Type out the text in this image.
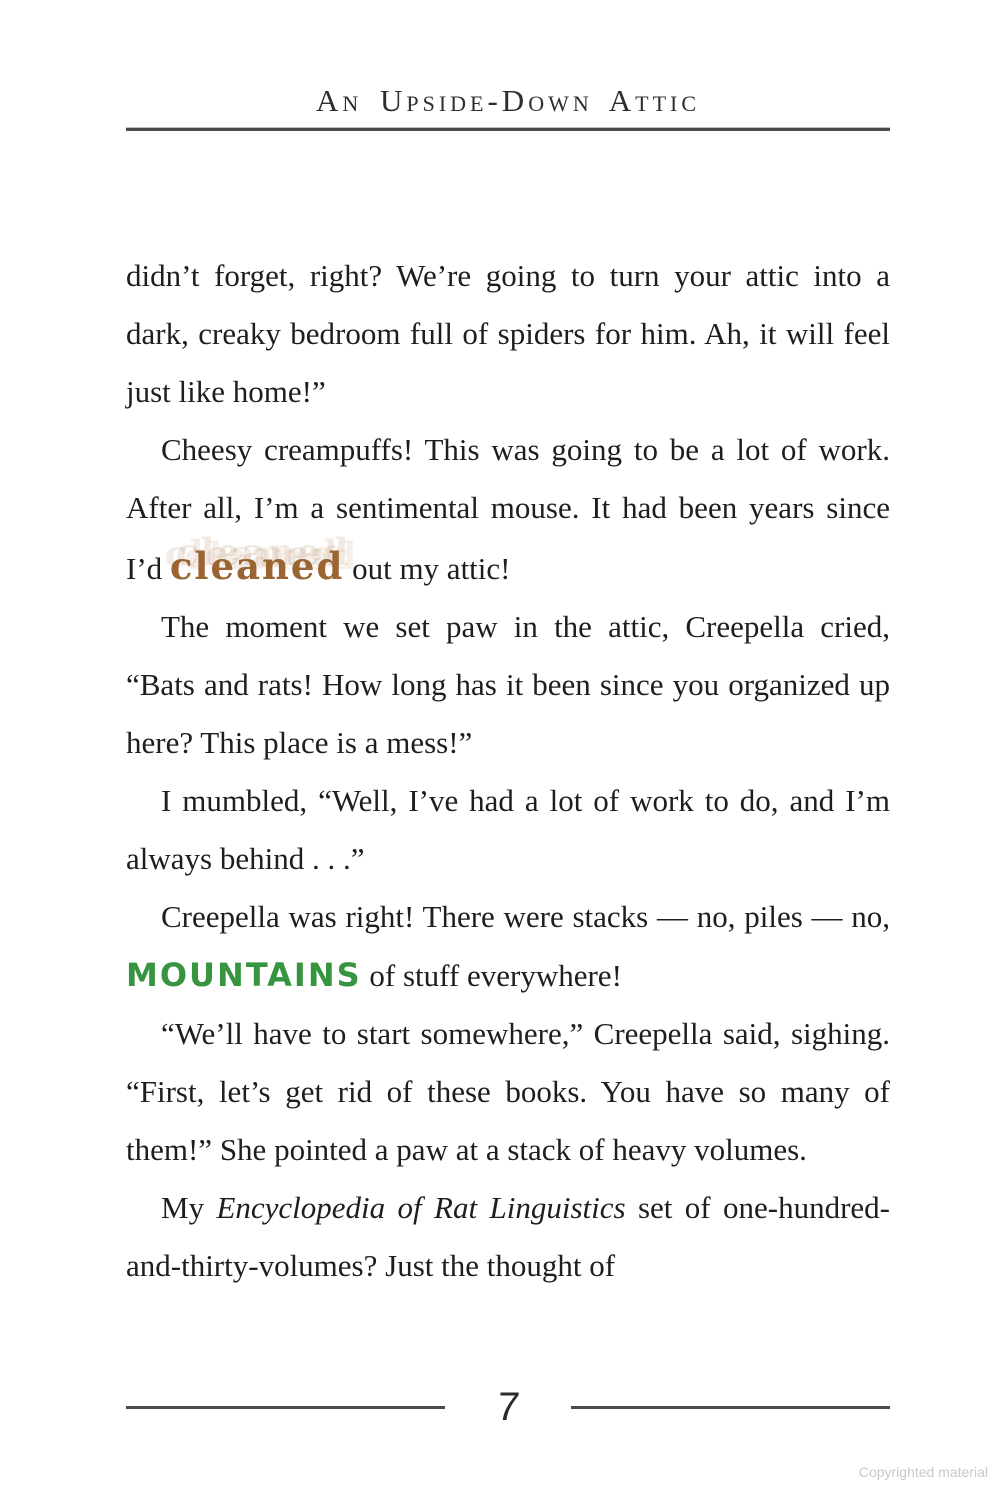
An Upside-Down Attic

didn’t forget, right? We’re going to turn your attic into a dark, creaky bedroom full of spiders for him. Ah, it will feel just like home!”

Cheesy creampuffs! This was going to be a lot of work. After all, I’m a sentimental mouse. It had been years since I’d cleaned out my attic!

The moment we set paw in the attic, Creepella cried, “Bats and rats! How long has it been since you organized up here? This place is a mess!”

I mumbled, “Well, I’ve had a lot of work to do, and I’m always behind . . .”

Creepella was right! There were stacks — no, piles — no, MOUNTAINS of stuff everywhere!

“We’ll have to start somewhere,” Creepella said, sighing. “First, let’s get rid of these books. You have so many of them!” She pointed a paw at a stack of heavy volumes.

My Encyclopedia of Rat Linguistics set of one-hundred-and-thirty-volumes? Just the thought of

7
Copyrighted material
